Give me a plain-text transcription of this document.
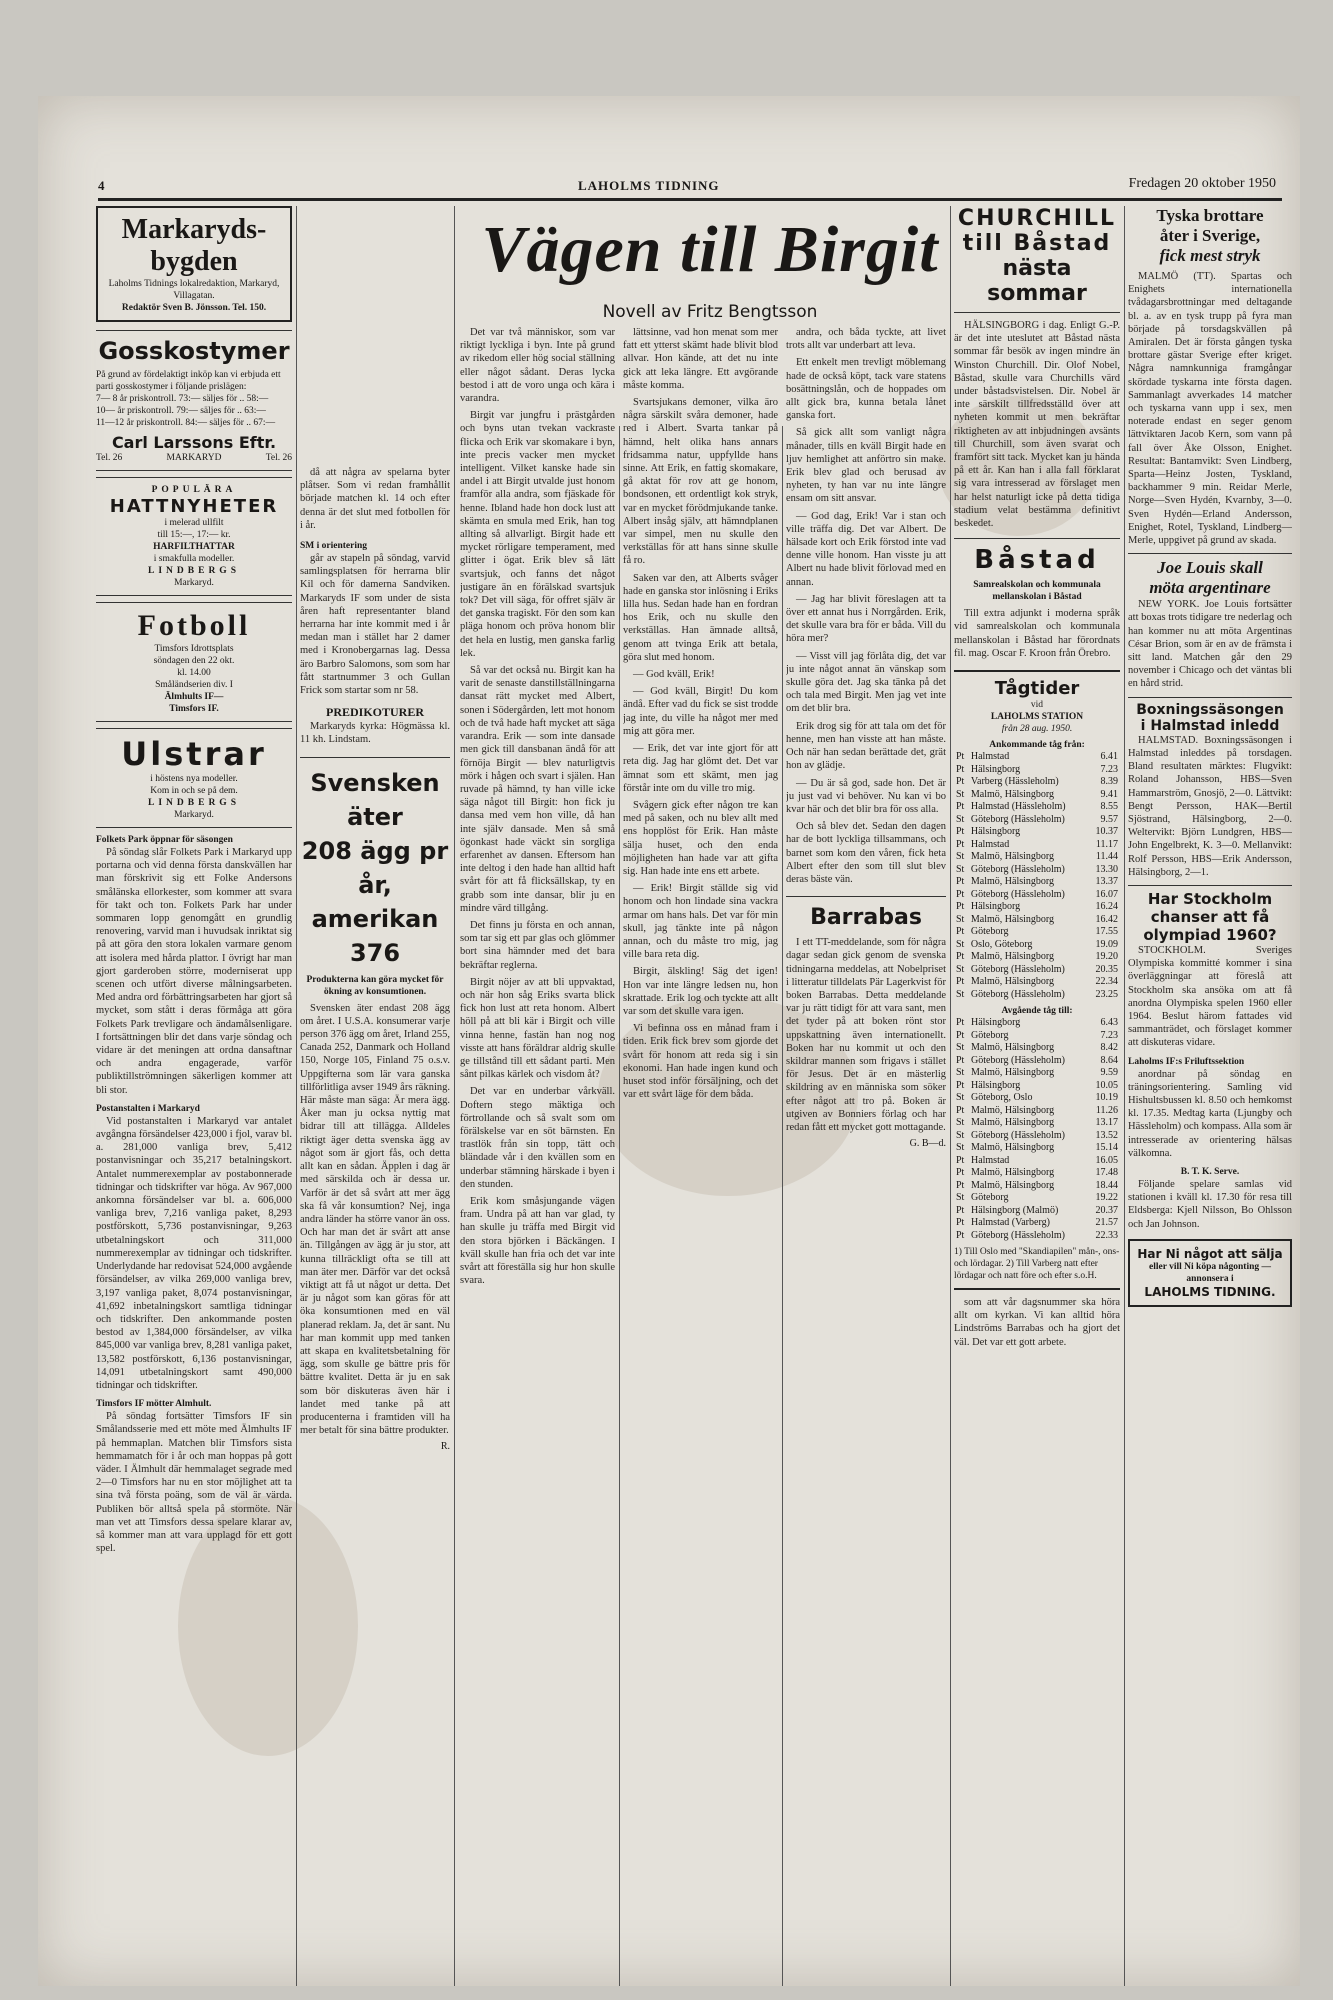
4	LAHOLMS TIDNING	Fredagen 20 oktober 1950
Markaryds-bygden
Laholms Tidnings lokalredaktion, Markaryd, Villagatan.
Redaktör Sven B. Jönsson. Tel. 150.
Gosskostymer
På grund av fördelaktigt inköp kan vi erbjuda ett parti gosskostymer i följande prislägen:
7— 8 år priskontroll. 73:— säljes för .. 58:—
10— år priskontroll. 79:— säljes för .. 63:—
11—12 år priskontroll. 84:— säljes för .. 67:—
Carl Larssons Eftr.
Tel. 26	MARKARYD	Tel. 26
POPULÄRA
HATTNYHETER
i melerad ullfilt
till 15:—, 17:— kr.
HARFILTHATTAR
i smakfulla modeller.
LINDBERGS
Markaryd.
Fotboll
Timsfors Idrottsplats
söndagen den 22 okt.
kl. 14.00
Småländserien div. I
Älmhults IF—
Timsfors IF.
Ulstrar
i höstens nya modeller.
Kom in och se på dem.
LINDBERGS
Markaryd.
Folkets Park öppnar för säsongen

På söndag slår Folkets Park i Markaryd upp portarna och vid denna första danskvällen har man förskrivit sig ett Folke Andersons smålänska ellorkester, som kommer att svara för takt och ton. Folkets Park har under sommaren lopp genomgått en grundlig renovering, varvid man i huvudsak inriktat sig på att göra den stora lokalen varmare genom att isolera med hårda plattor. I övrigt har man gjort garderoben större, moderniserat upp scenen och utfört diverse målningsarbeten. Med andra ord förbättringsarbeten har gjort så mycket, som stått i deras förmåga att göra Folkets Park trevligare och ändamålsenligare. I fortsättningen blir det dans varje söndag och vidare är det meningen att ordna dansaftnar och andra engagerade, varför publiktillströmningen säkerligen kommer att bli stor.

Postanstalten i Markaryd

Vid postanstalten i Markaryd var antalet avgångna försändelser 423,000 i fjol, varav bl. a. 281,000 vanliga brev, 5,412 postanvisningar och 35,217 betalningskort. Antalet nummerexemplar av postabonnerade tidningar och tidskrifter var höga. Av 967,000 ankomna försändelser var bl. a. 606,000 vanliga brev, 7,216 vanliga paket, 8,293 postförskott, 5,736 postanvisningar, 9,263 utbetalningskort och 311,000 nummerexemplar av tidningar och tidskrifter. Underlydande har redovisat 524,000 avgående försändelser, av vilka 269,000 vanliga brev, 3,197 vanliga paket, 8,074 postanvisningar, 41,692 inbetalningskort samtliga tidningar och tidskrifter. Den ankommande posten bestod av 1,384,000 försändelser, av vilka 845,000 var vanliga brev, 8,281 vanliga paket, 13,582 postförskott, 6,136 postanvisningar, 14,091 utbetalningskort samt 490,000 tidningar och tidskrifter.

Timsfors IF mötter Almhult.

På söndag fortsätter Timsfors IF sin Smålandsserie med ett möte med Älmhults IF på hemmaplan. Matchen blir Timsfors sista hemmamatch för i år och man hoppas på gott väder. I Älmhult där hemmalaget segrade med 2—0 Timsfors har nu en stor möjlighet att ta sina två första poäng, som de väl är värda. Publiken bör alltså spela på stormöte. När man vet att Timsfors dessa spelare klarar av, så kommer man att vara upplagd för ett gott spel.

då att några av spelarna byter plåtser. Som vi redan framhållit började matchen kl. 14 och efter denna är det slut med fotbollen för i år.

SM i orientering

går av stapeln på söndag, varvid samlingsplatsen för herrarna blir Kil och för damerna Sandviken. Markaryds IF som under de sista åren haft representanter bland herrarna har inte kommit med i år medan man i stället har 2 damer med i Kronobergarnas lag. Dessa äro Barbro Salomons, som som har fått startnummer 3 och Gullan Frick som startar som nr 58.

PREDIKOTURER

Markaryds kyrka: Högmässa kl. 11 kh. Lindstam.

Svensken äter
208 ägg pr år,
amerikan 376
Produkterna kan göra mycket för ökning av konsumtionen.

Svensken äter endast 208 ägg om året. I U.S.A. konsumerar varje person 376 ägg om året, Irland 255, Canada 252, Danmark och Holland 150, Norge 105, Finland 75 o.s.v. Uppgifterna som lär vara ganska tillförlitliga avser 1949 års räkning. Här måste man säga: Är mera ägg. Åker man ju ocksa nyttig mat bidrar till att tillägga. Alldeles riktigt äger detta svenska ägg av något som är gjort fås, och detta allt kan en sådan. Äpplen i dag är med särskilda och är dessa ur. Varför är det så svårt att mer ägg ska få vår konsumtion? Nej, inga andra länder ha större vanor än oss. Och har man det är svårt att anse än. Tillgången av ägg är ju stor, att kunna tillräckligt ofta se till att man äter mer. Därför var det också viktigt att få ut något ur detta. Det är ju något som kan göras för att öka konsumtionen med en väl planerad reklam. Ja, det är sant. Nu har man kommit upp med tanken att skapa en kvalitetsbetalning för ägg, som skulle ge bättre pris för bättre kvalitet. Detta är ju en sak som bör diskuteras även här i landet med tanke på att producenterna i framtiden vill ha mer betalt för sina bättre produkter.

R.
Vägen till Birgit
Novell av Fritz Bengtsson

Det var två människor, som var riktigt lyckliga i byn. Inte på grund av rikedom eller hög social ställning eller något sådant. Deras lycka bestod i att de voro unga och kära i varandra.

Birgit var jungfru i prästgården och byns utan tvekan vackraste flicka och Erik var skomakare i byn, inte precis vacker men mycket intelligent. Vilket kanske hade sin andel i att Birgit utvalde just honom framför alla andra, som fjäskade för henne. Ibland hade hon dock lust att skämta en smula med Erik, han tog allting så allvarligt. Birgit hade ett mycket rörligare temperament, med glitter i ögat. Erik blev så lätt svartsjuk, och fanns det något justigare än en förälskad svartsjuk tok? Det vill säga, för offret själv är det ganska tragiskt. För den som kan pläga honom och pröva honom blir det hela en lustig, men ganska farlig lek.

Så var det också nu. Birgit kan ha varit de senaste danstillställningarna dansat rätt mycket med Albert, sonen i Södergården, lett mot honom och de två hade haft mycket att säga varandra. Erik — som inte dansade men gick till dansbanan ändå för att förnöja Birgit — blev naturligtvis mörk i hågen och svart i själen. Han ruvade på hämnd, ty han ville icke säga något till Birgit: hon fick ju dansa med vem hon ville, då han inte själv dansade. Men så små ögonkast hade väckt sin sorgliga erfarenhet av dansen. Eftersom han inte deltog i den hade han alltid haft svårt för att få flicksällskap, ty en grabb som inte dansar, blir ju en mindre värd tillgång.

Det finns ju första en och annan, som tar sig ett par glas och glömmer bort sina hämnder med det bara bekräftar reglerna.

Birgit nöjer av att bli uppvaktad, och när hon såg Eriks svarta blick fick hon lust att reta honom. Albert höll på att bli kär i Birgit och ville vinna henne, fastän han nog nog visste att hans föräldrar aldrig skulle ge tillstånd till ett sådant parti. Men sånt pilkas kärlek och visdom åt?

Det var en underbar vårkväll. Doftern stego mäktiga och förtrollande och så svalt som om förälskelse var en söt bärnsten. En trastlök från sin topp, tätt och bländade vår i den kvällen som en underbar stämning härskade i byen i den stunden.

Erik kom småsjungande vägen fram. Undra på att han var glad, ty han skulle ju träffa med Birgit vid den stora björken i Bäckängen. I kväll skulle han fria och det var inte svårt att föreställa sig hur hon skulle svara.

lättsinne, vad hon menat som mer fatt ett ytterst skämt hade blivit blod allvar. Hon kände, att det nu inte gick att leka längre. Ett avgörande måste komma.

Svartsjukans demoner, vilka äro några särskilt svåra demoner, hade red i Albert. Svarta tankar på hämnd, helt olika hans annars fridsamma natur, uppfyllde hans sinne. Att Erik, en fattig skomakare, gå aktat för rov att ge honom, bondsonen, ett ordentligt kok stryk, var en mycket förödmjukande tanke. Albert insåg själv, att hämndplanen var simpel, men nu skulle den verkställas för att hans sinne skulle få ro.

Saken var den, att Alberts svåger hade en ganska stor inlösning i Eriks lilla hus. Sedan hade han en fordran hos Erik, och nu skulle den verkställas. Han ämnade alltså, genom att tvinga Erik att betala, göra slut med honom.

— God kväll, Erik!

— God kväll, Birgit! Du kom ändå. Efter vad du fick se sist trodde jag inte, du ville ha något mer med mig att göra mer.

— Erik, det var inte gjort för att reta dig. Jag har glömt det. Det var ämnat som ett skämt, men jag förstår inte om du ville tro mig.

Svågern gick efter någon tre kan med på saken, och nu blev allt med ens hopplöst för Erik. Han måste sälja huset, och den enda möjligheten han hade var att gifta sig. Han hade inte ens ett arbete.

— Erik! Birgit ställde sig vid honom och hon lindade sina vackra armar om hans hals. Det var för min skull, jag tänkte inte på någon annan, och du måste tro mig, jag ville bara reta dig.

Birgit, älskling! Säg det igen! Hon var inte längre ledsen nu, hon skrattade. Erik log och tyckte att allt var som det skulle vara igen.

Vi befinna oss en månad fram i tiden. Erik fick brev som gjorde det svårt för honom att reda sig i sin ekonomi. Han hade ingen kund och huset stod inför försäljning, och det var ett svårt läge för dem båda.

andra, och båda tyckte, att livet trots allt var underbart att leva.

Ett enkelt men trevligt möblemang hade de också köpt, tack vare statens bosättningslån, och de hoppades om allt gick bra, kunna betala lånet ganska fort.

Så gick allt som vanligt några månader, tills en kväll Birgit hade en ljuv hemlighet att anförtro sin make. Erik blev glad och berusad av nyheten, ty han var nu inte längre ensam om sitt ansvar.

— God dag, Erik! Var i stan och ville träffa dig. Det var Albert. De hälsade kort och Erik förstod inte vad denne ville honom. Han visste ju att Albert nu hade blivit förlovad med en annan.

— Jag har blivit föreslagen att ta över ett annat hus i Norrgården. Erik, det skulle vara bra för er båda. Vill du höra mer?

— Visst vill jag förlåta dig, det var ju inte något annat än vänskap som skulle göra det. Jag ska tänka på det och tala med Birgit. Men jag vet inte om det blir bra.

Erik drog sig för att tala om det för henne, men han visste att han måste. Och när han sedan berättade det, grät hon av glädje.

— Du är så god, sade hon. Det är ju just vad vi behöver. Nu kan vi bo kvar här och det blir bra för oss alla.

Och så blev det. Sedan den dagen har de bott lyckliga tillsammans, och barnet som kom den våren, fick heta Albert efter den som till slut blev deras bäste vän.

Barrabas

I ett TT-meddelande, som för några dagar sedan gick genom de svenska tidningarna meddelas, att Nobelpriset i litteratur tilldelats Pär Lagerkvist för boken Barrabas. Detta meddelande var ju rätt tidigt för att vara sant, men det tyder på att boken rönt stor uppskattning även internationellt. Boken har nu kommit ut och den skildrar mannen som frigavs i stället för Jesus. Det är en mästerlig skildring av en människa som söker efter något att tro på. Boken är utgiven av Bonniers förlag och har redan fått ett mycket gott mottagande.

G. B—d.
CHURCHILL
till Båstad
nästa sommar

HÄLSINGBORG i dag. Enligt G.-P. är det inte uteslutet att Båstad nästa sommar får besök av ingen mindre än Winston Churchill. Dir. Olof Nobel, Båstad, skulle vara Churchills värd under båstadsvistelsen. Dir. Nobel är inte särskilt tillfredsställd över att nyheten kommit ut men bekräftar riktigheten av att inbjudningen avsänts till Churchill, som även svarat och framfört sitt tack. Mycket kan ju hända på ett år. Kan han i alla fall förklarat sig vara intresserad av förslaget men har helst naturligt icke på detta tidiga stadium velat bestämma definitivt beskedet.

Båstad
Samrealskolan och kommunala mellanskolan i Båstad

Till extra adjunkt i moderna språk vid samrealskolan och kommunala mellanskolan i Båstad har förordnats fil. mag. Oscar F. Kroon från Örebro.

Tågtider
vid
LAHOLMS STATION
från 28 aug. 1950.
Ankommande tåg från:
Pt	Halmstad	6.41
Pt	Hälsingborg	7.23
Pt	Varberg (Hässleholm)	8.39
St	Malmö, Hälsingborg	9.41
Pt	Halmstad (Hässleholm)	8.55
St	Göteborg (Hässleholm)	9.57
Pt	Hälsingborg	10.37
Pt	Halmstad	11.17
St	Malmö, Hälsingborg	11.44
St	Göteborg (Hässleholm)	13.30
Pt	Malmö, Hälsingborg	13.37
Pt	Göteborg (Hässleholm)	16.07
Pt	Hälsingborg	16.24
St	Malmö, Hälsingborg	16.42
Pt	Göteborg	17.55
St	Oslo, Göteborg	19.09
Pt	Malmö, Hälsingborg	19.20
St	Göteborg (Hässleholm)	20.35
Pt	Malmö, Hälsingborg	22.34
St	Göteborg (Hässleholm)	23.25
Avgående tåg till:
Pt	Hälsingborg	6.43
Pt	Göteborg	7.23
St	Malmö, Hälsingborg	8.42
Pt	Göteborg (Hässleholm)	8.64
St	Malmö, Hälsingborg	9.59
Pt	Hälsingborg	10.05
St	Göteborg, Oslo	10.19
Pt	Malmö, Hälsingborg	11.26
St	Malmö, Hälsingborg	13.17
St	Göteborg (Hässleholm)	13.52
St	Malmö, Hälsingborg	15.14
Pt	Halmstad	16.05
Pt	Malmö, Hälsingborg	17.48
Pt	Malmö, Hälsingborg	18.44
St	Göteborg	19.22
Pt	Hälsingborg (Malmö)	20.37
Pt	Halmstad (Varberg)	21.57
Pt	Göteborg (Hässleholm)	22.33
1) Till Oslo med "Skandiapilen" mån-, ons- och lördagar. 2) Till Varberg natt efter lördagar och natt före och efter s.o.H.

som att vår dagsnummer ska höra allt om kyrkan. Vi kan alltid höra Lindströms Barrabas och ha gjort det väl. Det var ett gott arbete.

Tyska brottare
åter i Sverige,
fick mest stryk

MALMÖ (TT). Spartas och Enighets internationella tvådagarsbrottningar med deltagande bl. a. av en tysk trupp på fyra man började på torsdagskvällen på Amiralen. Det är första gången tyska brottare gästar Sverige efter kriget. Några namnkunniga framgångar skördade tyskarna inte första dagen. Sammanlagt avverkades 14 matcher och tyskarna vann upp i sex, men noterade endast en seger genom lättviktaren Jacob Kern, som vann på fall över Åke Olsson, Enighet. Resultat: Bantamvikt: Sven Lindberg, Sparta—Heinz Josten, Tyskland, backhammer 9 min. Reidar Merle, Norge—Sven Hydén, Kvarnby, 3—0. Sven Hydén—Erland Andersson, Enighet, Rotel, Tyskland, Lindberg—Merle, uppgivet på grund av skada.

Joe Louis skall
möta argentinare

NEW YORK. Joe Louis fortsätter att boxas trots tidigare tre nederlag och han kommer nu att möta Argentinas César Brion, som är en av de främsta i sitt land. Matchen går den 29 november i Chicago och det väntas bli en hård strid.

Boxningssäsongen
i Halmstad inledd

HALMSTAD. Boxningssäsongen i Halmstad inleddes på torsdagen. Bland resultaten märktes: Flugvikt: Roland Johansson, HBS—Sven Hammarström, Gnosjö, 2—0. Lättvikt: Bengt Persson, HAK—Bertil Sjöstrand, Hälsingborg, 2—0. Weltervikt: Björn Lundgren, HBS—John Engelbrekt, K. 3—0. Mellanvikt: Rolf Persson, HBS—Erik Andersson, Hälsingborg, 2—1.

Har Stockholm
chanser att få
olympiad 1960?

STOCKHOLM. Sveriges Olympiska kommitté kommer i sina överläggningar att föreslå att Stockholm ska ansöka om att få anordna Olympiska spelen 1960 eller 1964. Beslut härom fattades vid sammanträdet, och förslaget kommer att diskuteras vidare.

Laholms IF:s Friluftssektion

anordnar på söndag en träningsorientering. Samling vid Hishultsbussen kl. 8.50 och hemkomst kl. 17.35. Medtag karta (Ljungby och Hässleholm) och kompass. Alla som är intresserade av orientering hälsas välkomna.

B. T. K. Serve.

Följande spelare samlas vid stationen i kväll kl. 17.30 för resa till Eldsberga: Kjell Nilsson, Bo Ohlsson och Jan Johnson.

Har Ni något att sälja
eller vill Ni köpa någonting —
annonsera i
LAHOLMS TIDNING.
